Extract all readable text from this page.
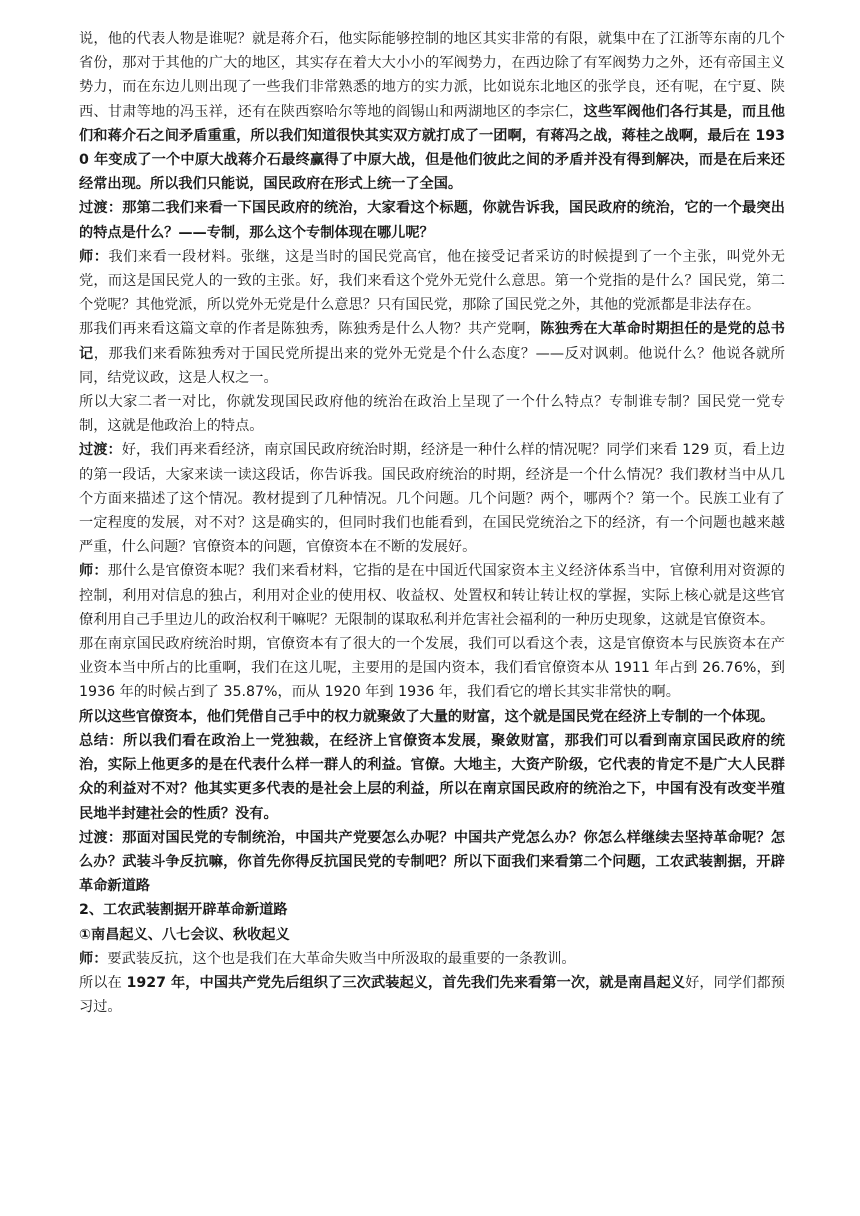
说，他的代表人物是谁呢？就是蒋介石，他实际能够控制的地区其实非常的有限，就集中在了江浙等东南的几个省份，那对于其他的广大的地区，其实存在着大大小小的军阀势力，在西边除了有军阀势力之外，还有帝国主义势力，而在东边儿则出现了一些我们非常熟悉的地方的实力派，比如说东北地区的张学良，还有呢，在宁夏、陕西、甘肃等地的冯玉祥，还有在陕西察哈尔等地的阎锡山和两湖地区的李宗仁，这些军阀他们各行其是，而且他们和蒋介石之间矛盾重重，所以我们知道很快其实双方就打成了一团啊，有蒋冯之战，蒋桂之战啊，最后在 1930 年变成了一个中原大战蒋介石最终赢得了中原大战，但是他们彼此之间的矛盾并没有得到解决，而是在后来还经常出现。所以我们只能说，国民政府在形式上统一了全国。

过渡：那第二我们来看一下国民政府的统治，大家看这个标题，你就告诉我，国民政府的统治，它的一个最突出的特点是什么？——专制，那么这个专制体现在哪儿呢？

师：我们来看一段材料。张继，这是当时的国民党高官，他在接受记者采访的时候提到了一个主张，叫党外无党，而这是国民党人的一致的主张。好，我们来看这个党外无党什么意思。第一个党指的是什么？国民党，第二个党呢？其他党派，所以党外无党是什么意思？只有国民党，那除了国民党之外，其他的党派都是非法存在。

那我们再来看这篇文章的作者是陈独秀，陈独秀是什么人物？共产党啊，陈独秀在大革命时期担任的是党的总书记，那我们来看陈独秀对于国民党所提出来的党外无党是个什么态度？——反对讽刺。他说什么？他说各就所同，结党议政，这是人权之一。

所以大家二者一对比，你就发现国民政府他的统治在政治上呈现了一个什么特点？专制谁专制？国民党一党专制，这就是他政治上的特点。

过渡：好，我们再来看经济，南京国民政府统治时期，经济是一种什么样的情况呢？同学们来看 129 页，看上边的第一段话，大家来读一读这段话，你告诉我。国民政府统治的时期，经济是一个什么情况？我们教材当中从几个方面来描述了这个情况。教材提到了几种情况。几个问题。几个问题？两个，哪两个？第一个。民族工业有了一定程度的发展，对不对？这是确实的，但同时我们也能看到，在国民党统治之下的经济，有一个问题也越来越严重，什么问题？官僚资本的问题，官僚资本在不断的发展好。

师：那什么是官僚资本呢？我们来看材料，它指的是在中国近代国家资本主义经济体系当中，官僚利用对资源的控制，利用对信息的独占，利用对企业的使用权、收益权、处置权和转让转让权的掌握，实际上核心就是这些官僚利用自己手里边儿的政治权利干嘛呢？无限制的谋取私利并危害社会福利的一种历史现象，这就是官僚资本。

那在南京国民政府统治时期，官僚资本有了很大的一个发展，我们可以看这个表，这是官僚资本与民族资本在产业资本当中所占的比重啊，我们在这儿呢，主要用的是国内资本，我们看官僚资本从 1911 年占到 26.76%，到 1936 年的时候占到了 35.87%，而从 1920 年到 1936 年，我们看它的增长其实非常快的啊。

所以这些官僚资本，他们凭借自己手中的权力就聚敛了大量的财富，这个就是国民党在经济上专制的一个体现。

总结：所以我们看在政治上一党独裁，在经济上官僚资本发展，聚敛财富，那我们可以看到南京国民政府的统治，实际上他更多的是在代表什么样一群人的利益。官僚。大地主，大资产阶级，它代表的肯定不是广大人民群众的利益对不对？他其实更多代表的是社会上层的利益，所以在南京国民政府的统治之下，中国有没有改变半殖民地半封建社会的性质？没有。

过渡：那面对国民党的专制统治，中国共产党要怎么办呢？中国共产党怎么办？你怎么样继续去坚持革命呢？怎么办？武装斗争反抗嘛，你首先你得反抗国民党的专制吧？所以下面我们来看第二个问题，工农武装割据，开辟革命新道路

2、工农武装割据开辟革命新道路

①南昌起义、八七会议、秋收起义

师：要武装反抗，这个也是我们在大革命失败当中所汲取的最重要的一条教训。

所以在 1927 年，中国共产党先后组织了三次武装起义，首先我们先来看第一次，就是南昌起义好，同学们都预习过。
